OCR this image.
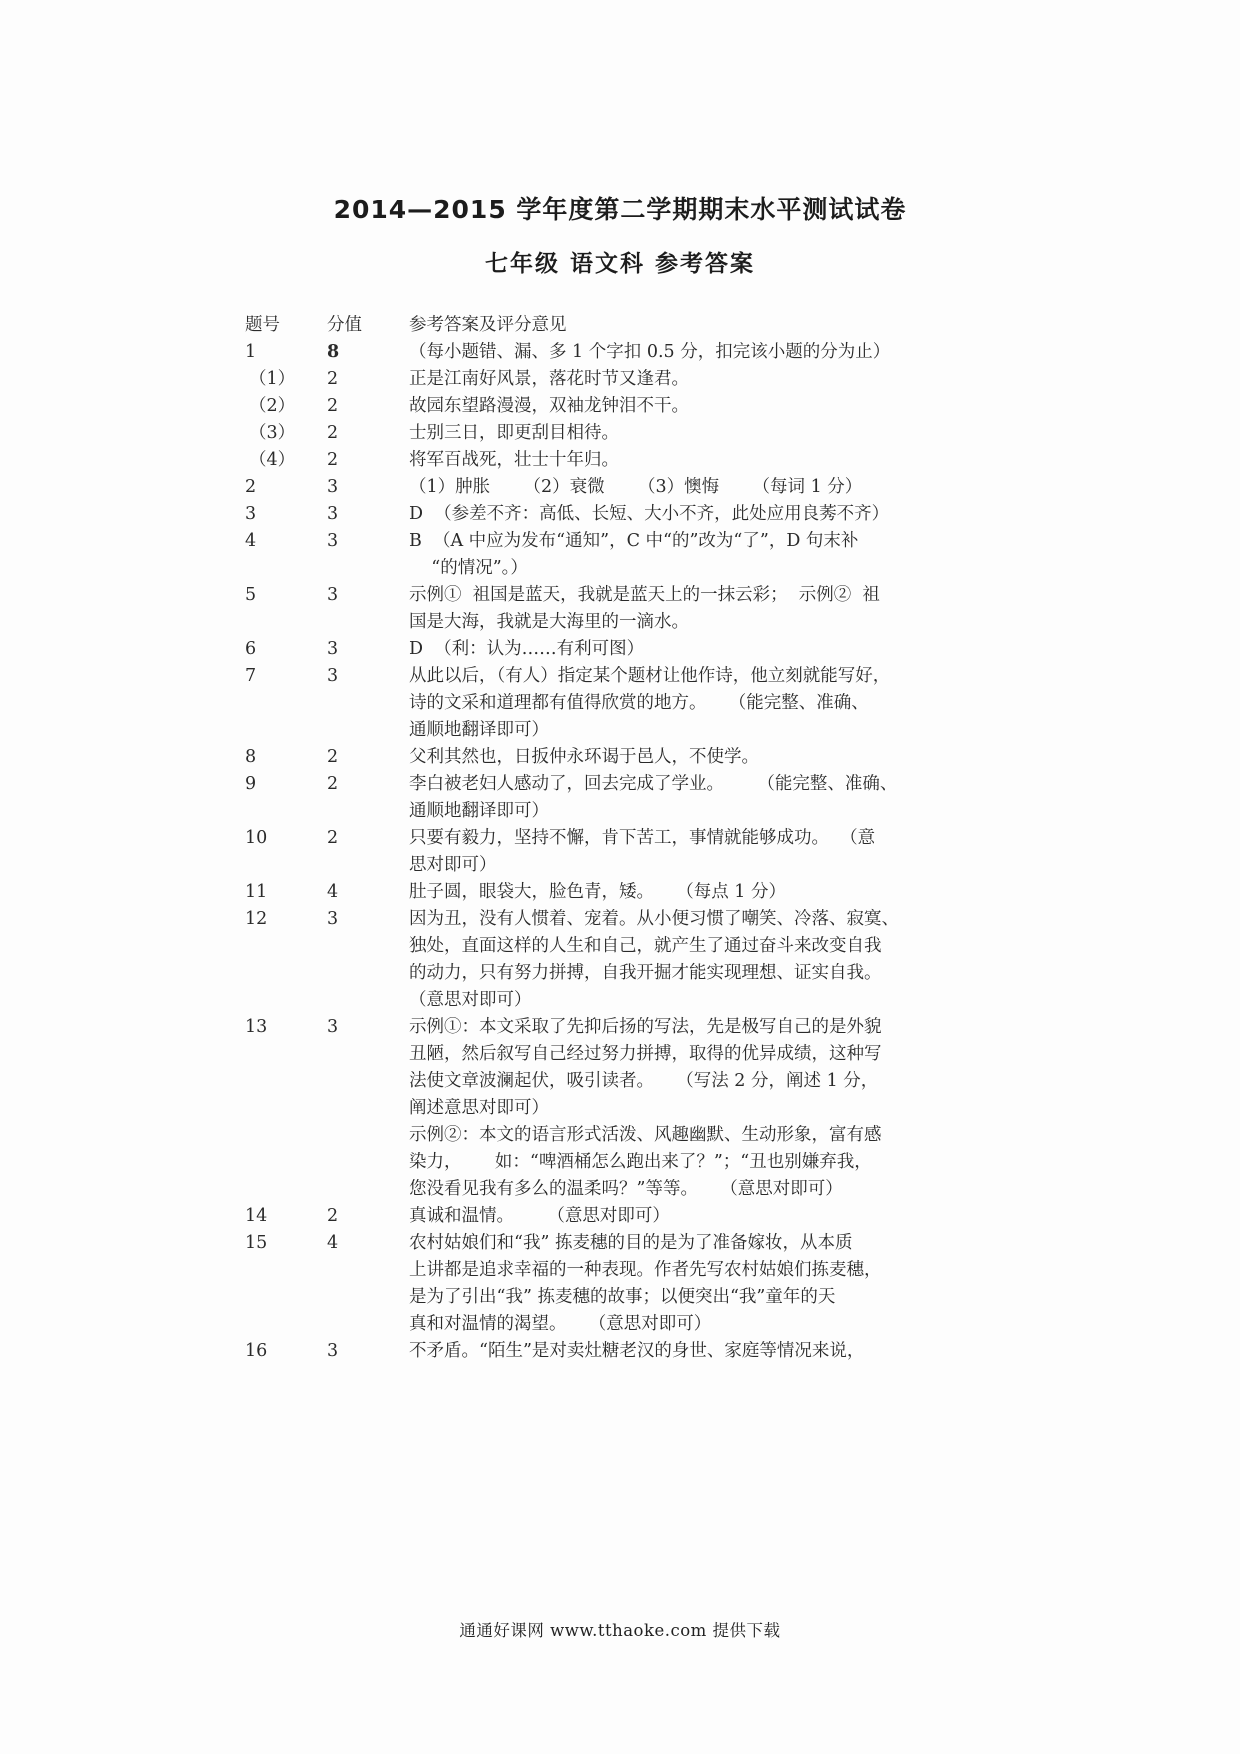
2014—2015 学年度第二学期期末水平测试试卷
七年级 语文科 参考答案
题号	分值	参考答案及评分意见
1	8	（每小题错、漏、多 1 个字扣 0.5 分，扣完该小题的分为止）
（1）	2	正是江南好风景，落花时节又逢君。
（2）	2	故园东望路漫漫，双袖龙钟泪不干。
（3）	2	士别三日，即更刮目相待。
（4）	2	将军百战死，壮士十年归。
2	3	（1）肿胀      （2）衰微      （3）懊悔      （每词 1 分）
3	3	D  （参差不齐：高低、长短、大小不齐，此处应用良莠不齐）
4	3	B  （A 中应为发布“通知”，C 中“的”改为“了”，D 句末补
“的情况”。）
5	3	示例①  祖国是蓝天，我就是蓝天上的一抹云彩；  示例②  祖
国是大海，我就是大海里的一滴水。
6	3	D  （利：认为……有利可图）
7	3	从此以后，（有人）指定某个题材让他作诗，他立刻就能写好，
诗的文采和道理都有值得欣赏的地方。    （能完整、准确、
通顺地翻译即可）
8	2	父利其然也，日扳仲永环谒于邑人，不使学。
9	2	李白被老妇人感动了，回去完成了学业。      （能完整、准确、
通顺地翻译即可）
10	2	只要有毅力，坚持不懈，肯下苦工，事情就能够成功。  （意
思对即可）
11	4	肚子圆，眼袋大，脸色青，矮。    （每点 1 分）
12	3	因为丑，没有人惯着、宠着。从小便习惯了嘲笑、冷落、寂寞、
独处，直面这样的人生和自己，就产生了通过奋斗来改变自我
的动力，只有努力拼搏，自我开掘才能实现理想、证实自我。
（意思对即可）
13	3	示例①：本文采取了先抑后扬的写法，先是极写自己的是外貌
丑陋，然后叙写自己经过努力拼搏，取得的优异成绩，这种写
法使文章波澜起伏，吸引读者。    （写法 2 分，阐述 1 分，
阐述意思对即可）
示例②：本文的语言形式活泼、风趣幽默、生动形象，富有感
染力，      如：“啤酒桶怎么跑出来了？”；“丑也别嫌弃我，
您没看见我有多么的温柔吗？”等等。    （意思对即可）
14	2	真诚和温情。      （意思对即可）
15	4	农村姑娘们和“我” 拣麦穗的目的是为了准备嫁妆，从本质
上讲都是追求幸福的一种表现。作者先写农村姑娘们拣麦穗，
是为了引出“我” 拣麦穗的故事；以便突出“我”童年的天
真和对温情的渴望。    （意思对即可）
16	3	不矛盾。“陌生”是对卖灶糖老汉的身世、家庭等情况来说，
通通好课网 www.tthaoke.com 提供下载
